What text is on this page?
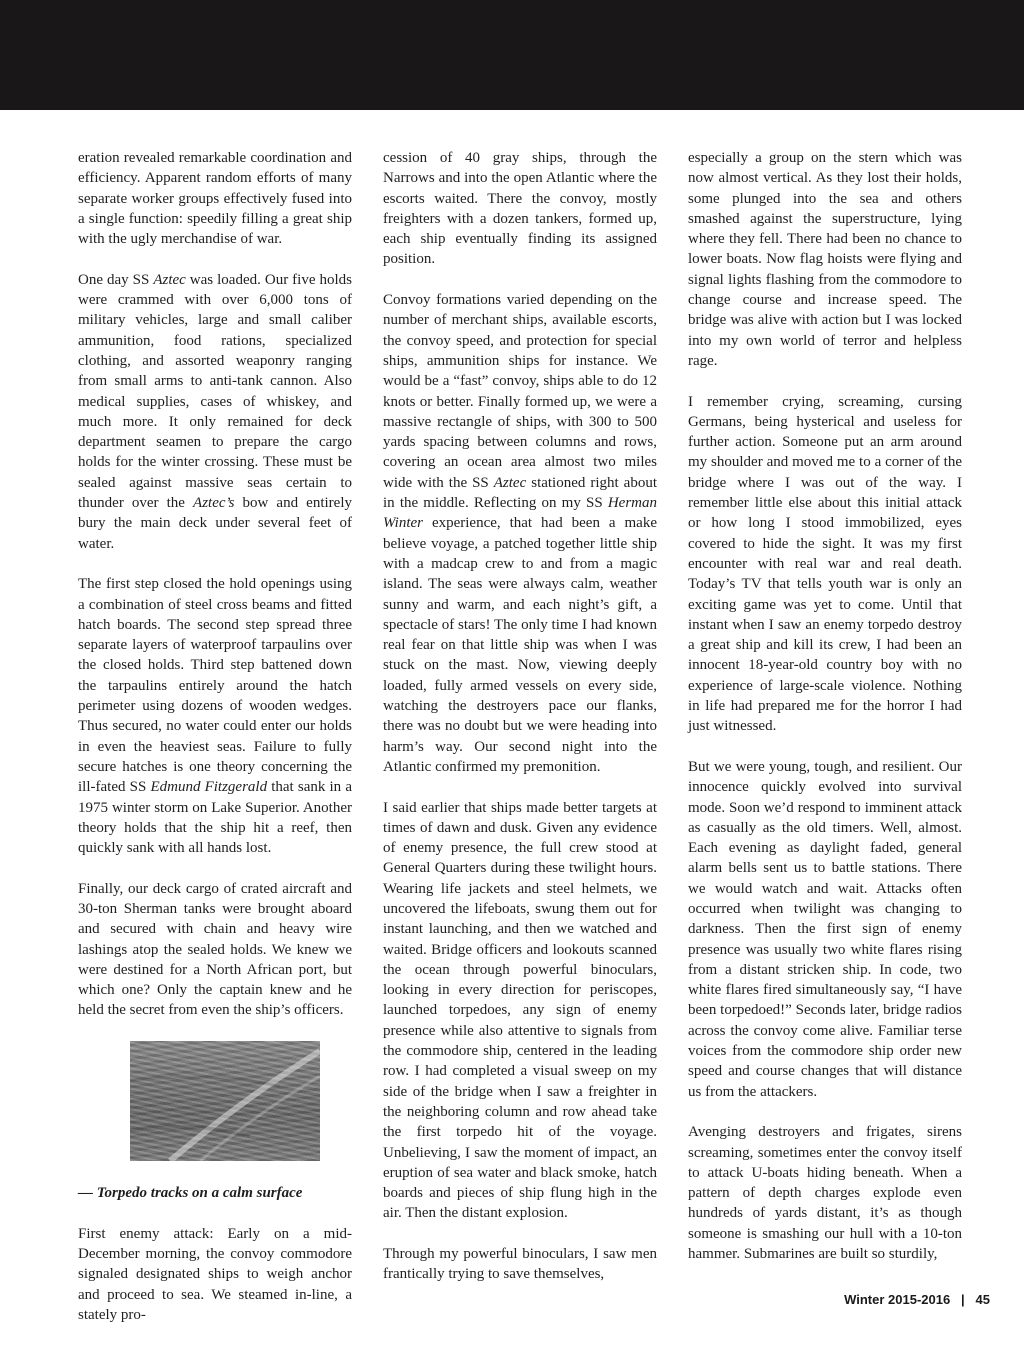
eration revealed remarkable coordination and efficiency. Apparent random efforts of many separate worker groups effectively fused into a single function: speedily filling a great ship with the ugly merchandise of war.

One day SS Aztec was loaded. Our five holds were crammed with over 6,000 tons of military vehicles, large and small caliber ammunition, food rations, specialized clothing, and assorted weaponry ranging from small arms to anti-tank cannon. Also medical supplies, cases of whiskey, and much more. It only remained for deck department seamen to prepare the cargo holds for the winter crossing. These must be sealed against massive seas certain to thunder over the Aztec’s bow and entirely bury the main deck under several feet of water.

The first step closed the hold openings using a combination of steel cross beams and fitted hatch boards. The second step spread three separate layers of waterproof tarpaulins over the closed holds. Third step battened down the tarpaulins entirely around the hatch perimeter using dozens of wooden wedges. Thus secured, no water could enter our holds in even the heaviest seas. Failure to fully secure hatches is one theory concerning the ill-fated SS Edmund Fitzgerald that sank in a 1975 winter storm on Lake Superior. Another theory holds that the ship hit a reef, then quickly sank with all hands lost.

Finally, our deck cargo of crated aircraft and 30-ton Sherman tanks were brought aboard and secured with chain and heavy wire lashings atop the sealed holds. We knew we were destined for a North African port, but which one? Only the captain knew and he held the secret from even the ship’s officers.

— Torpedo tracks on a calm surface

First enemy attack: Early on a mid-December morning, the convoy commodore signaled designated ships to weigh anchor and proceed to sea. We steamed in-line, a stately pro-

cession of 40 gray ships, through the Narrows and into the open Atlantic where the escorts waited. There the convoy, mostly freighters with a dozen tankers, formed up, each ship eventually finding its assigned position.

Convoy formations varied depending on the number of merchant ships, available escorts, the convoy speed, and protection for special ships, ammunition ships for instance. We would be a “fast” convoy, ships able to do 12 knots or better. Finally formed up, we were a massive rectangle of ships, with 300 to 500 yards spacing between columns and rows, covering an ocean area almost two miles wide with the SS Aztec stationed right about in the middle. Reflecting on my SS Herman Winter experience, that had been a make believe voyage, a patched together little ship with a madcap crew to and from a magic island. The seas were always calm, weather sunny and warm, and each night’s gift, a spectacle of stars! The only time I had known real fear on that little ship was when I was stuck on the mast. Now, viewing deeply loaded, fully armed vessels on every side, watching the destroyers pace our flanks, there was no doubt but we were heading into harm’s way. Our second night into the Atlantic confirmed my premonition.

I said earlier that ships made better targets at times of dawn and dusk. Given any evidence of enemy presence, the full crew stood at General Quarters during these twilight hours. Wearing life jackets and steel helmets, we uncovered the lifeboats, swung them out for instant launching, and then we watched and waited. Bridge officers and lookouts scanned the ocean through powerful binoculars, looking in every direction for periscopes, launched torpedoes, any sign of enemy presence while also attentive to signals from the commodore ship, centered in the leading row. I had completed a visual sweep on my side of the bridge when I saw a freighter in the neighboring column and row ahead take the first torpedo hit of the voyage. Unbelieving, I saw the moment of impact, an eruption of sea water and black smoke, hatch boards and pieces of ship flung high in the air. Then the distant explosion.

Through my powerful binoculars, I saw men frantically trying to save themselves,

especially a group on the stern which was now almost vertical. As they lost their holds, some plunged into the sea and others smashed against the superstructure, lying where they fell. There had been no chance to lower boats. Now flag hoists were flying and signal lights flashing from the commodore to change course and increase speed. The bridge was alive with action but I was locked into my own world of terror and helpless rage.

I remember crying, screaming, cursing Germans, being hysterical and useless for further action. Someone put an arm around my shoulder and moved me to a corner of the bridge where I was out of the way. I remember little else about this initial attack or how long I stood immobilized, eyes covered to hide the sight. It was my first encounter with real war and real death. Today’s TV that tells youth war is only an exciting game was yet to come. Until that instant when I saw an enemy torpedo destroy a great ship and kill its crew, I had been an innocent 18-year-old country boy with no experience of large-scale violence. Nothing in life had prepared me for the horror I had just witnessed.

But we were young, tough, and resilient. Our innocence quickly evolved into survival mode. Soon we’d respond to imminent attack as casually as the old timers. Well, almost. Each evening as daylight faded, general alarm bells sent us to battle stations. There we would watch and wait. Attacks often occurred when twilight was changing to darkness. Then the first sign of enemy presence was usually two white flares rising from a distant stricken ship. In code, two white flares fired simultaneously say, “I have been torpedoed!” Seconds later, bridge radios across the convoy come alive. Familiar terse voices from the commodore ship order new speed and course changes that will distance us from the attackers.

Avenging destroyers and frigates, sirens screaming, sometimes enter the convoy itself to attack U-boats hiding beneath. When a pattern of depth charges explode even hundreds of yards distant, it’s as though someone is smashing our hull with a 10-ton hammer. Submarines are built so sturdily,

Winter 2015-2016 | 45
